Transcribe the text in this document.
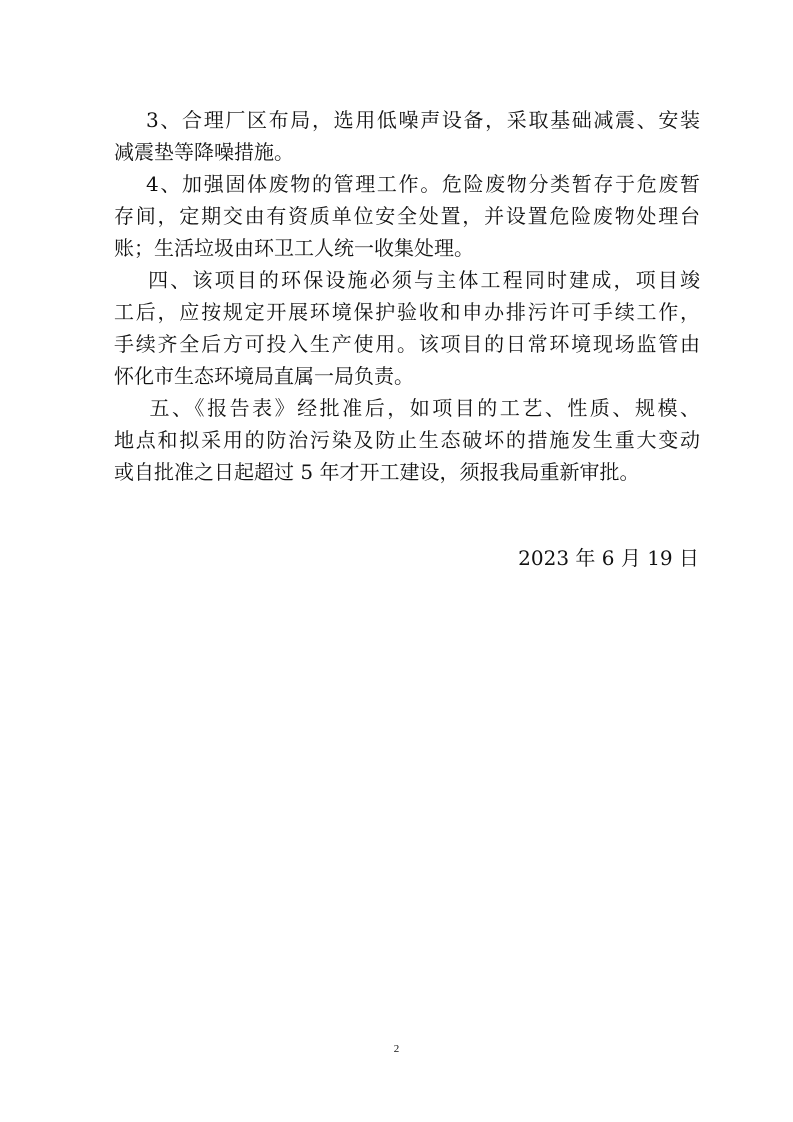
3、合理厂区布局，选用低噪声设备，采取基础减震、安装
减震垫等降噪措施。
4、加强固体废物的管理工作。危险废物分类暂存于危废暂
存间，定期交由有资质单位安全处置，并设置危险废物处理台
账；生活垃圾由环卫工人统一收集处理。
四、该项目的环保设施必须与主体工程同时建成，项目竣
工后，应按规定开展环境保护验收和申办排污许可手续工作，
手续齐全后方可投入生产使用。该项目的日常环境现场监管由
怀化市生态环境局直属一局负责。
五、《报告表》经批准后，如项目的工艺、性质、规模、
地点和拟采用的防治污染及防止生态破坏的措施发生重大变动
或自批准之日起超过 5 年才开工建设，须报我局重新审批。
2023 年 6 月 19 日
2
